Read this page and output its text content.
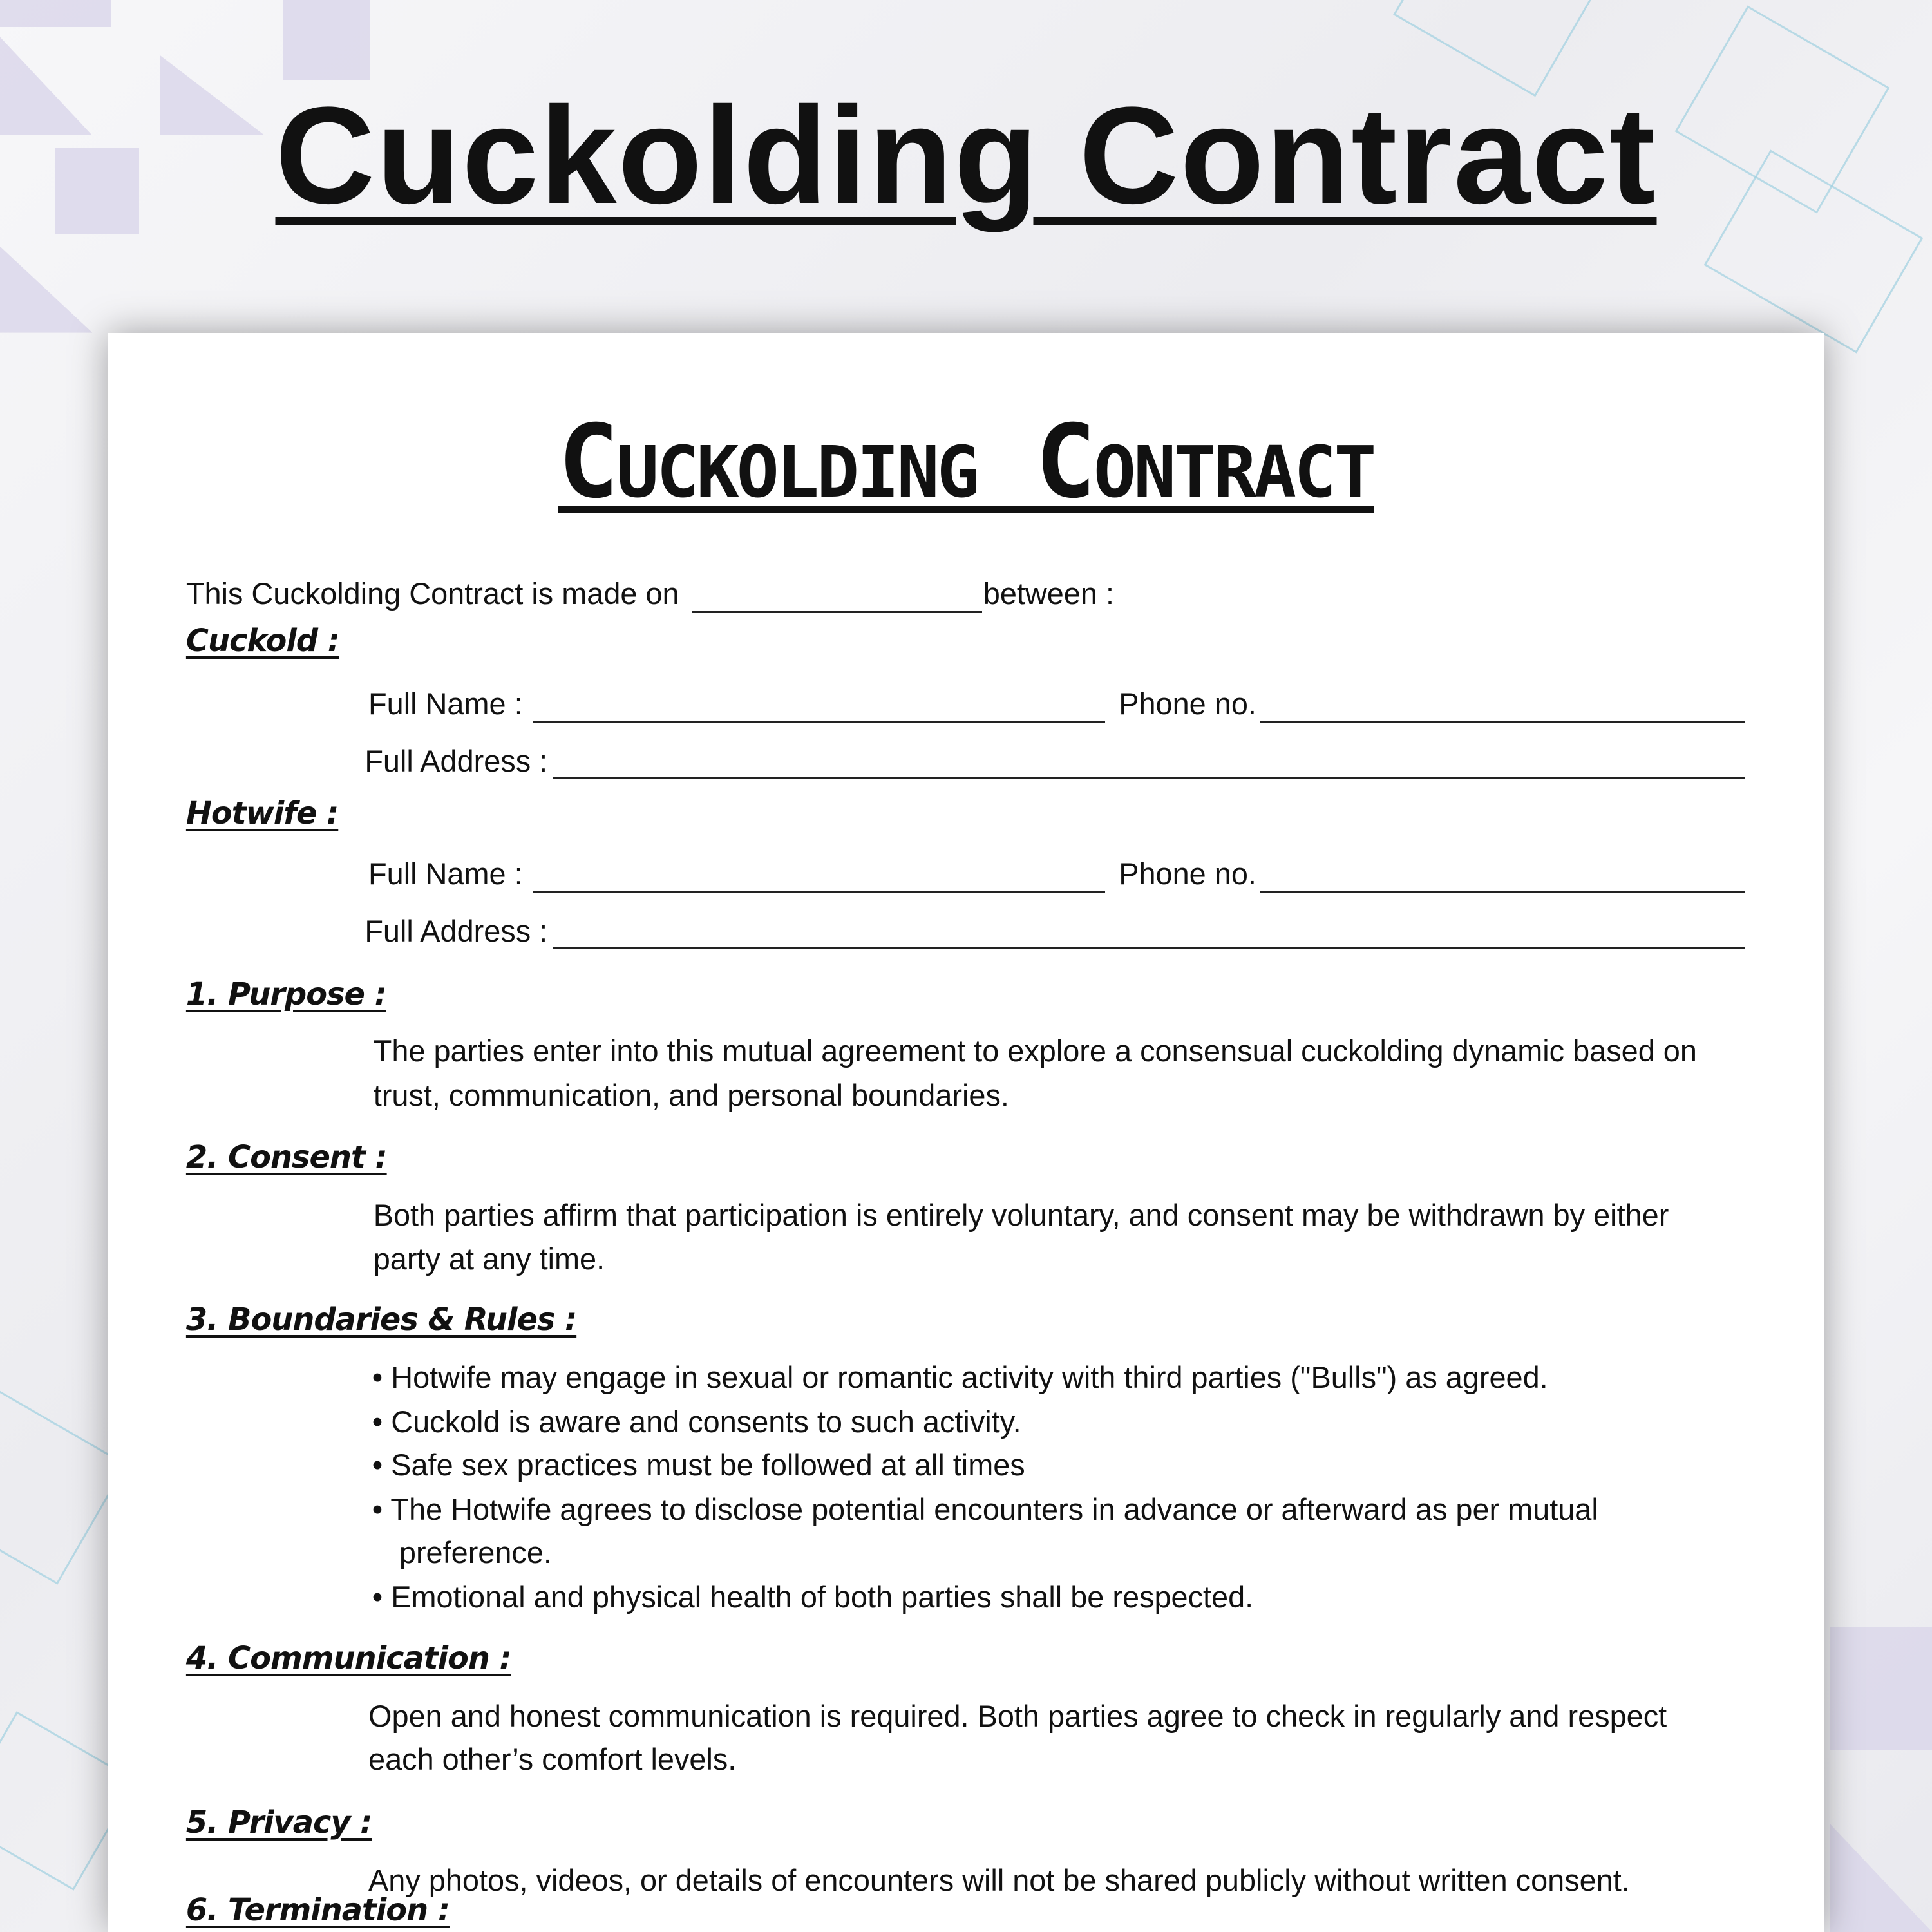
Cuckolding Contract
Cuckolding Contract
This Cuckolding Contract is made on	between :
Cuckold :
Full Name :	Phone no.
Full Address :
Hotwife :
Full Name :	Phone no.
Full Address :
1. Purpose :
The parties enter into this mutual agreement to explore a consensual cuckolding dynamic based on
trust, communication, and personal boundaries.
2. Consent :
Both parties affirm that participation is entirely voluntary, and consent may be withdrawn by either
party at any time.
3. Boundaries & Rules :
• Hotwife may engage in sexual or romantic activity with third parties ("Bulls") as agreed.
• Cuckold is aware and consents to such activity.
• Safe sex practices must be followed at all times
• The Hotwife agrees to disclose potential encounters in advance or afterward as per mutual
preference.
• Emotional and physical health of both parties shall be respected.
4. Communication :
Open and honest communication is required. Both parties agree to check in regularly and respect
each other’s comfort levels.
5. Privacy :
Any photos, videos, or details of encounters will not be shared publicly without written consent.
6. Termination :
